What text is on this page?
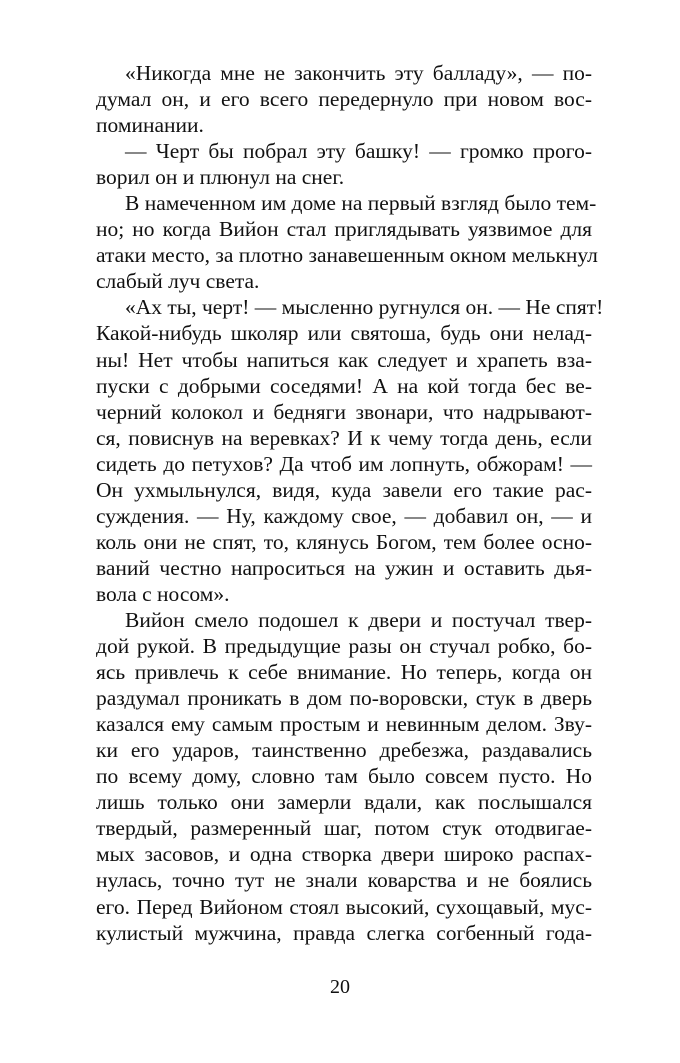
«Никогда мне не закончить эту балладу», — по-
думал он, и его всего передернуло при новом вос-
поминании.
— Черт бы побрал эту башку! — громко прого-
ворил он и плюнул на снег.
В намеченном им доме на первый взгляд было тем-
но; но когда Вийон стал приглядывать уязвимое для
атаки место, за плотно занавешенным окном мелькнул
слабый луч света.
«Ах ты, черт! — мысленно ругнулся он. — Не спят!
Какой-нибудь школяр или святоша, будь они нелад-
ны! Нет чтобы напиться как следует и храпеть вза-
пуски с добрыми соседями! А на кой тогда бес ве-
черний колокол и бедняги звонари, что надрывают-
ся, повиснув на веревках? И к чему тогда день, если
сидеть до петухов? Да чтоб им лопнуть, обжорам! —
Он ухмыльнулся, видя, куда завели его такие рас-
суждения. — Ну, каждому свое, — добавил он, — и
коль они не спят, то, клянусь Богом, тем более осно-
ваний честно напроситься на ужин и оставить дья-
вола с носом».
Вийон смело подошел к двери и постучал твер-
дой рукой. В предыдущие разы он стучал робко, бо-
ясь привлечь к себе внимание. Но теперь, когда он
раздумал проникать в дом по-воровски, стук в дверь
казался ему самым простым и невинным делом. Зву-
ки его ударов, таинственно дребезжа, раздавались
по всему дому, словно там было совсем пусто. Но
лишь только они замерли вдали, как послышался
твердый, размеренный шаг, потом стук отодвигае-
мых засовов, и одна створка двери широко распах-
нулась, точно тут не знали коварства и не боялись
его. Перед Вийоном стоял высокий, сухощавый, мус-
кулистый мужчина, правда слегка согбенный года-
20
